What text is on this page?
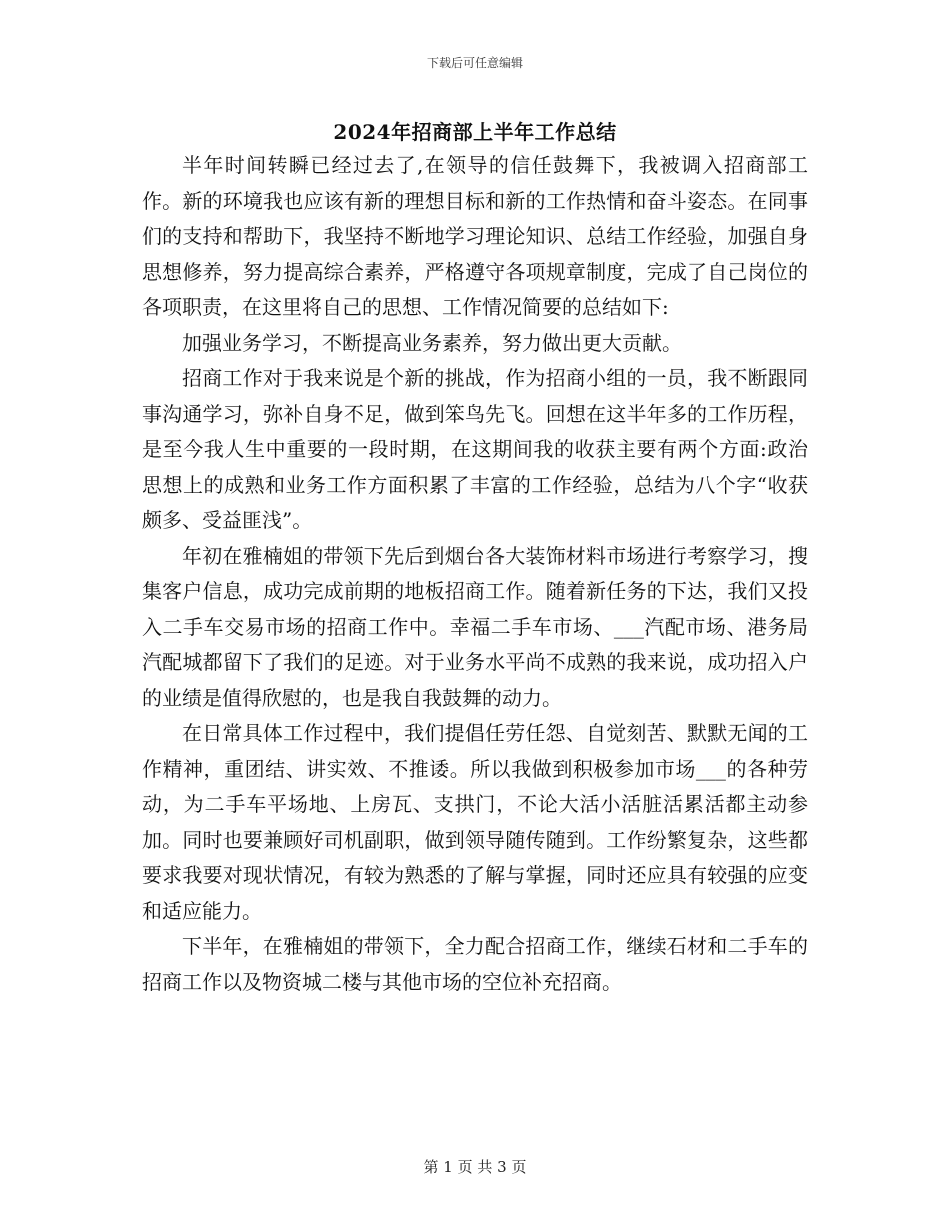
下载后可任意编辑
2024年招商部上半年工作总结

半年时间转瞬已经过去了,在领导的信任鼓舞下，我被调入招商部工作。新的环境我也应该有新的理想目标和新的工作热情和奋斗姿态。在同事们的支持和帮助下，我坚持不断地学习理论知识、总结工作经验，加强自身思想修养，努力提高综合素养，严格遵守各项规章制度，完成了自己岗位的各项职责，在这里将自己的思想、工作情况简要的总结如下:

加强业务学习，不断提高业务素养，努力做出更大贡献。

招商工作对于我来说是个新的挑战，作为招商小组的一员，我不断跟同事沟通学习，弥补自身不足，做到笨鸟先飞。回想在这半年多的工作历程，是至今我人生中重要的一段时期，在这期间我的收获主要有两个方面:政治思想上的成熟和业务工作方面积累了丰富的工作经验，总结为八个字“收获颇多、受益匪浅”。

年初在雅楠姐的带领下先后到烟台各大装饰材料市场进行考察学习，搜集客户信息，成功完成前期的地板招商工作。随着新任务的下达，我们又投入二手车交易市场的招商工作中。幸福二手车市场、___汽配市场、港务局汽配城都留下了我们的足迹。对于业务水平尚不成熟的我来说，成功招入户的业绩是值得欣慰的，也是我自我鼓舞的动力。

在日常具体工作过程中，我们提倡任劳任怨、自觉刻苦、默默无闻的工作精神，重团结、讲实效、不推诿。所以我做到积极参加市场___的各种劳动，为二手车平场地、上房瓦、支拱门，不论大活小活脏活累活都主动参加。同时也要兼顾好司机副职，做到领导随传随到。工作纷繁复杂，这些都要求我要对现状情况，有较为熟悉的了解与掌握，同时还应具有较强的应变和适应能力。

下半年，在雅楠姐的带领下，全力配合招商工作，继续石材和二手车的招商工作以及物资城二楼与其他市场的空位补充招商。

第 1 页 共 3 页
